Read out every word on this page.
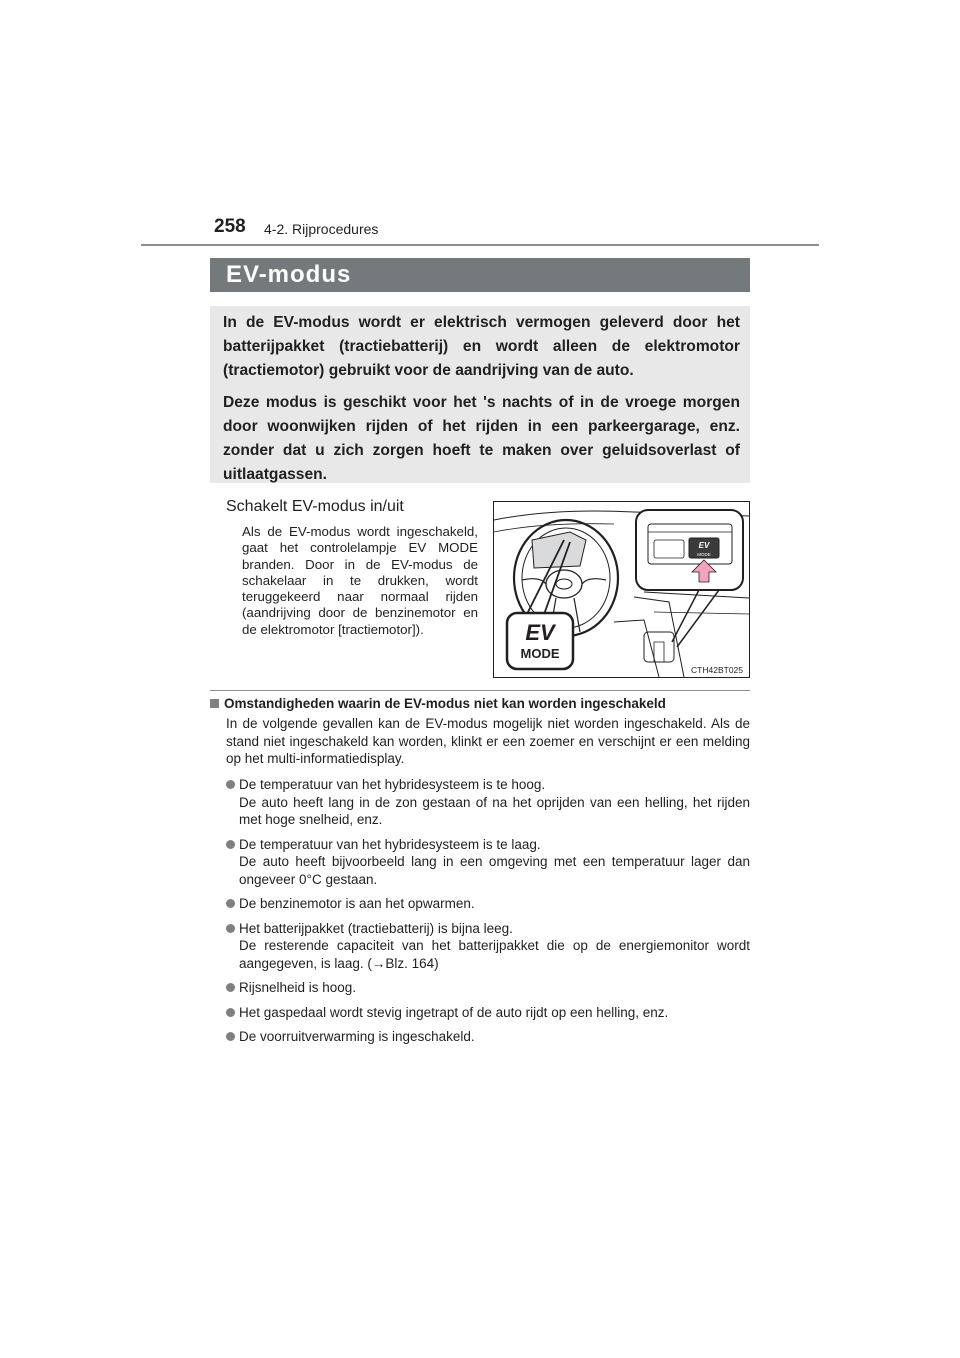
258 4-2. Rijprocedures
EV-modus

In de EV-modus wordt er elektrisch vermogen geleverd door het batterijpakket (tractiebatterij) en wordt alleen de elektromotor (tractiemotor) gebruikt voor de aandrijving van de auto.

Deze modus is geschikt voor het 's nachts of in de vroege morgen door woonwijken rijden of het rijden in een parkeergarage, enz. zonder dat u zich zorgen hoeft te maken over geluidsoverlast of uitlaatgassen.

Schakelt EV-modus in/uit

Als de EV-modus wordt ingeschakeld, gaat het controlelampje EV MODE branden. Door in de EV-modus de schakelaar in te drukken, wordt teruggekeerd naar normaal rijden (aandrijving door de benzinemotor en de elektromotor [tractiemotor]).

EV
MODE
EV
MODE
CTH42BT025
Omstandigheden waarin de EV-modus niet kan worden ingeschakeld

In de volgende gevallen kan de EV-modus mogelijk niet worden ingeschakeld. Als de stand niet ingeschakeld kan worden, klinkt er een zoemer en verschijnt er een melding op het multi-informatiedisplay.

De temperatuur van het hybridesysteem is te hoog.
De auto heeft lang in de zon gestaan of na het oprijden van een helling, het rijden met hoge snelheid, enz.
De temperatuur van het hybridesysteem is te laag.
De auto heeft bijvoorbeeld lang in een omgeving met een temperatuur lager dan ongeveer 0°C gestaan.
De benzinemotor is aan het opwarmen.
Het batterijpakket (tractiebatterij) is bijna leeg.
De resterende capaciteit van het batterijpakket die op de energiemonitor wordt aangegeven, is laag. (→Blz. 164)
Rijsnelheid is hoog.
Het gaspedaal wordt stevig ingetrapt of de auto rijdt op een helling, enz.
De voorruitverwarming is ingeschakeld.
